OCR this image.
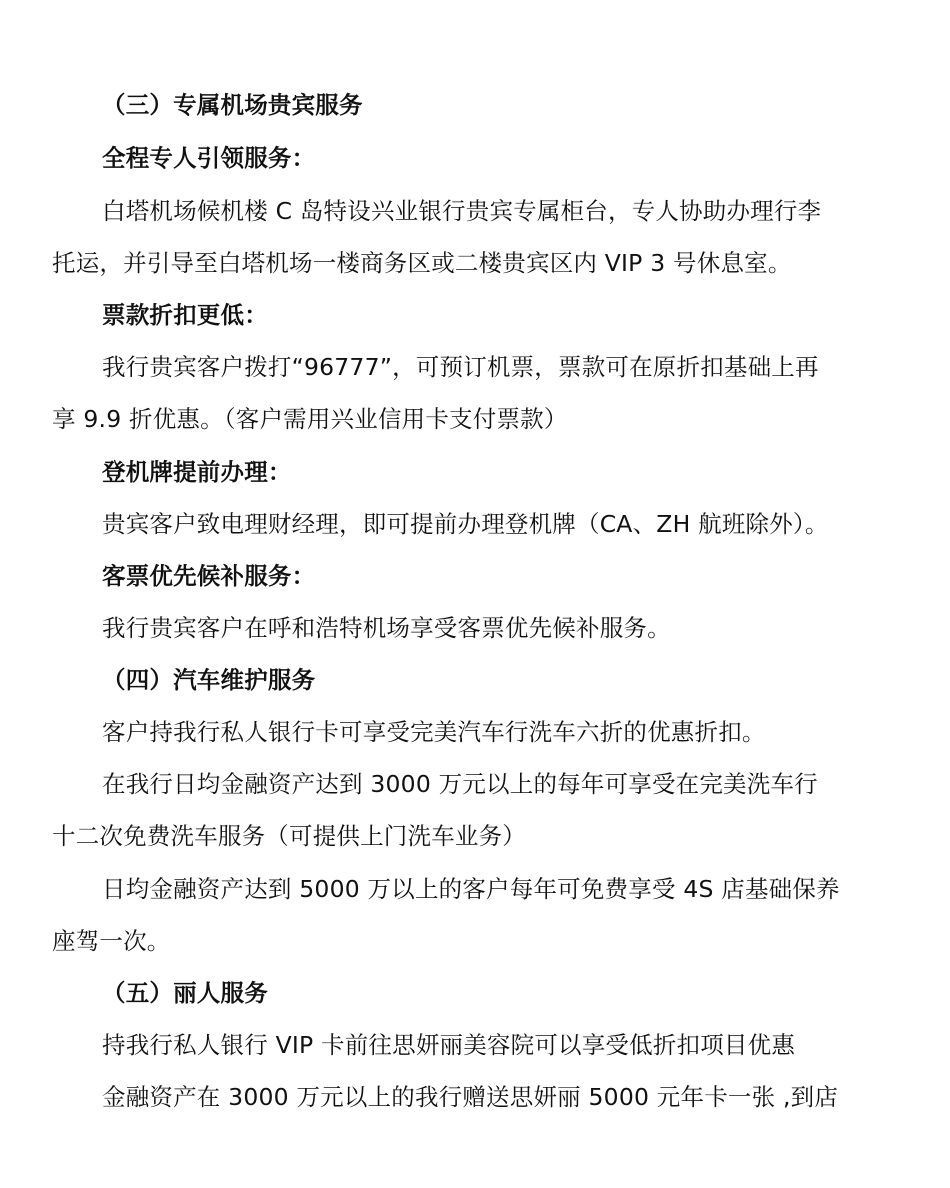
（三）专属机场贵宾服务
全程专人引领服务：
白塔机场候机楼 C 岛特设兴业银行贵宾专属柜台，专人协助办理行李
托运，并引导至白塔机场一楼商务区或二楼贵宾区内 VIP 3 号休息室。
票款折扣更低：
我行贵宾客户拨打“96777”，可预订机票，票款可在原折扣基础上再
享 9.9 折优惠。（客户需用兴业信用卡支付票款）
登机牌提前办理：
贵宾客户致电理财经理，即可提前办理登机牌（CA、ZH 航班除外）。
客票优先候补服务：
我行贵宾客户在呼和浩特机场享受客票优先候补服务。
（四）汽车维护服务
客户持我行私人银行卡可享受完美汽车行洗车六折的优惠折扣。
在我行日均金融资产达到 3000 万元以上的每年可享受在完美洗车行
十二次免费洗车服务（可提供上门洗车业务）
日均金融资产达到 5000 万以上的客户每年可免费享受 4S 店基础保养
座驾一次。
（五）丽人服务
持我行私人银行 VIP 卡前往思妍丽美容院可以享受低折扣项目优惠
金融资产在 3000 万元以上的我行赠送思妍丽 5000 元年卡一张 ,到店
